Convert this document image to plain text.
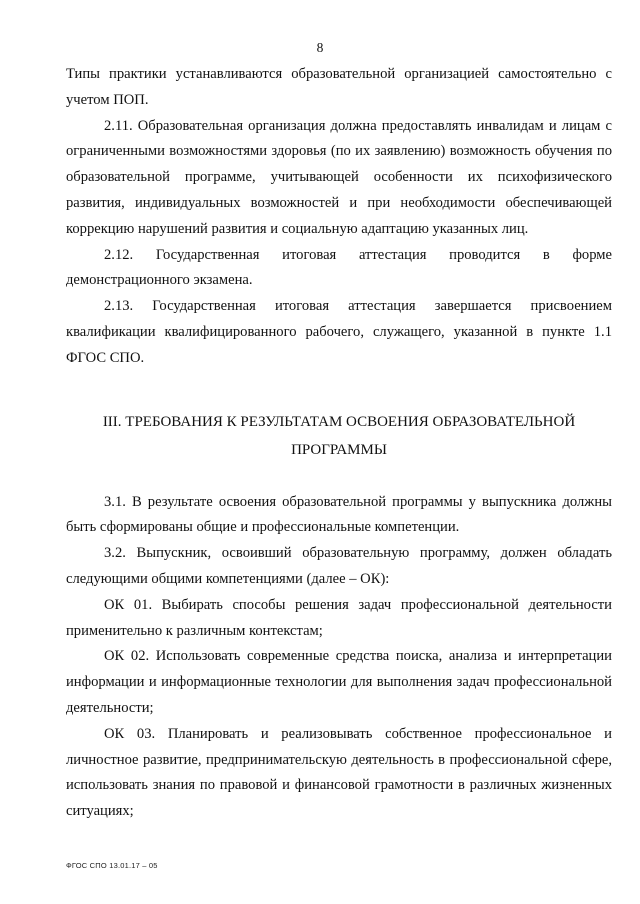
8

Типы практики устанавливаются образовательной организацией самостоятельно с учетом ПОП.

2.11. Образовательная организация должна предоставлять инвалидам и лицам с ограниченными возможностями здоровья (по их заявлению) возможность обучения по образовательной программе, учитывающей особенности их психофизического развития, индивидуальных возможностей и при необходимости обеспечивающей коррекцию нарушений развития и социальную адаптацию указанных лиц.

2.12. Государственная итоговая аттестация проводится в форме демонстрационного экзамена.

2.13. Государственная итоговая аттестация завершается присвоением квалификации квалифицированного рабочего, служащего, указанной в пункте 1.1 ФГОС СПО.

III. ТРЕБОВАНИЯ К РЕЗУЛЬТАТАМ ОСВОЕНИЯ ОБРАЗОВАТЕЛЬНОЙ ПРОГРАММЫ

3.1. В результате освоения образовательной программы у выпускника должны быть сформированы общие и профессиональные компетенции.

3.2. Выпускник, освоивший образовательную программу, должен обладать следующими общими компетенциями (далее – ОК):

ОК 01. Выбирать способы решения задач профессиональной деятельности применительно к различным контекстам;

ОК 02. Использовать современные средства поиска, анализа и интерпретации информации и информационные технологии для выполнения задач профессиональной деятельности;

ОК 03. Планировать и реализовывать собственное профессиональное и личностное развитие, предпринимательскую деятельность в профессиональной сфере, использовать знания по правовой и финансовой грамотности в различных жизненных ситуациях;

ФГОС СПО 13.01.17 – 05
